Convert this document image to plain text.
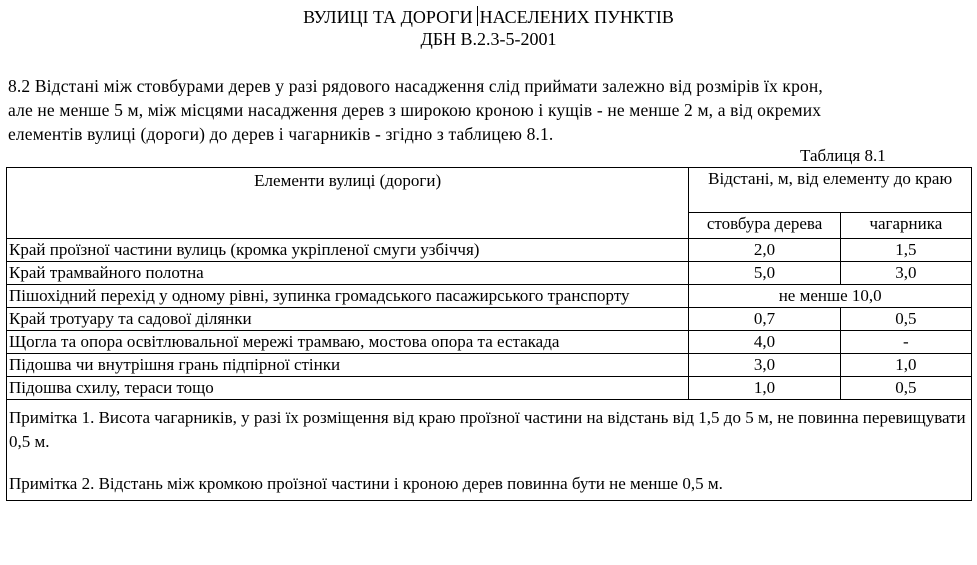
ВУЛИЦІ ТА ДОРОГИ НАСЕЛЕНИХ ПУНКТІВ
ДБН В.2.3-5-2001
8.2 Відстані між стовбурами дерев у разі рядового насадження слід приймати залежно від розмірів їх крон,
але не менше 5 м, між місцями насадження дерев з широкою кроною і кущів - не менше 2 м, а від окремих
елементів вулиці (дороги) до дерев і чагарників - згідно з таблицею 8.1.
Таблиця 8.1
Елементи вулиці (дороги)	Відстані, м, від елементу до краю	
	стовбура дерева	чагарника
Край проїзної частини вулиць (кромка укріпленої смуги узбіччя)	2,0	1,5
Край трамвайного полотна	5,0	3,0
Пішохідний перехід у одному рівні, зупинка громадського пасажирського транспорту	не менше 10,0	
Край тротуару та садової ділянки	0,7	0,5
Щогла та опора освітлювальної мережі трамваю, мостова опора та естакада	4,0	-
Підошва чи внутрішня грань підпірної стінки	3,0	1,0
Підошва схилу, тераси тощо	1,0	0,5

Примітка 1. Висота чагарників, у разі їх розміщення від краю проїзної частини на відстань від 1,5 до 5 м, не повинна перевищувати 0,5 м.
Примітка 2. Відстань між кромкою проїзної частини і кроною дерев повинна бути не менше 0,5 м.		
